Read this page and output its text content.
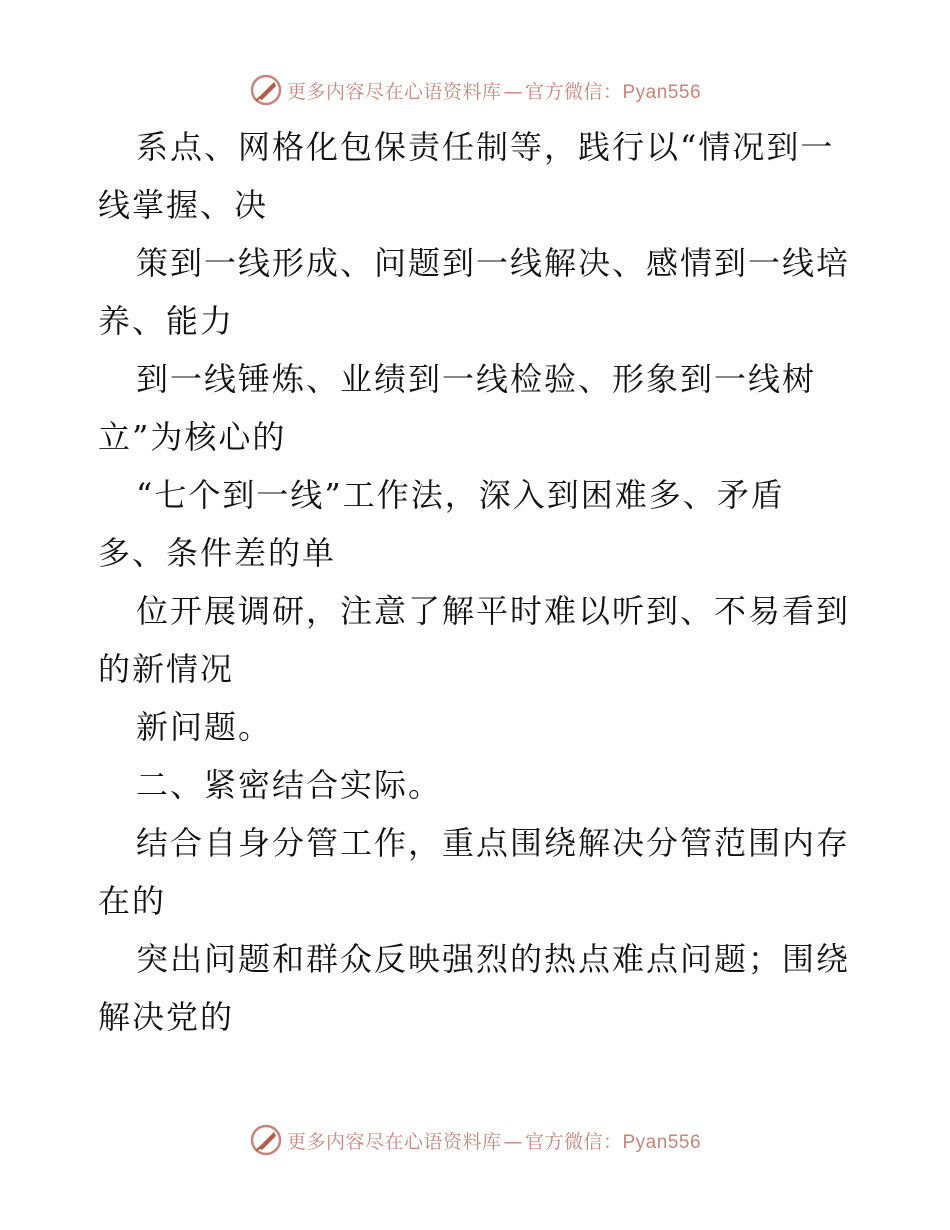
更多内容尽在心语资料库 — 官方微信：Pyan556
系点、网格化包保责任制等，践行以“情况到一
线掌握、决
策到一线形成、问题到一线解决、感情到一线培
养、能力
到一线锤炼、业绩到一线检验、形象到一线树
立”为核心的
“七个到一线”工作法，深入到困难多、矛盾
多、条件差的单
位开展调研，注意了解平时难以听到、不易看到
的新情况
新问题。
二、紧密结合实际。
结合自身分管工作，重点围绕解决分管范围内存
在的
突出问题和群众反映强烈的热点难点问题；围绕
解决党的
更多内容尽在心语资料库 — 官方微信：Pyan556
